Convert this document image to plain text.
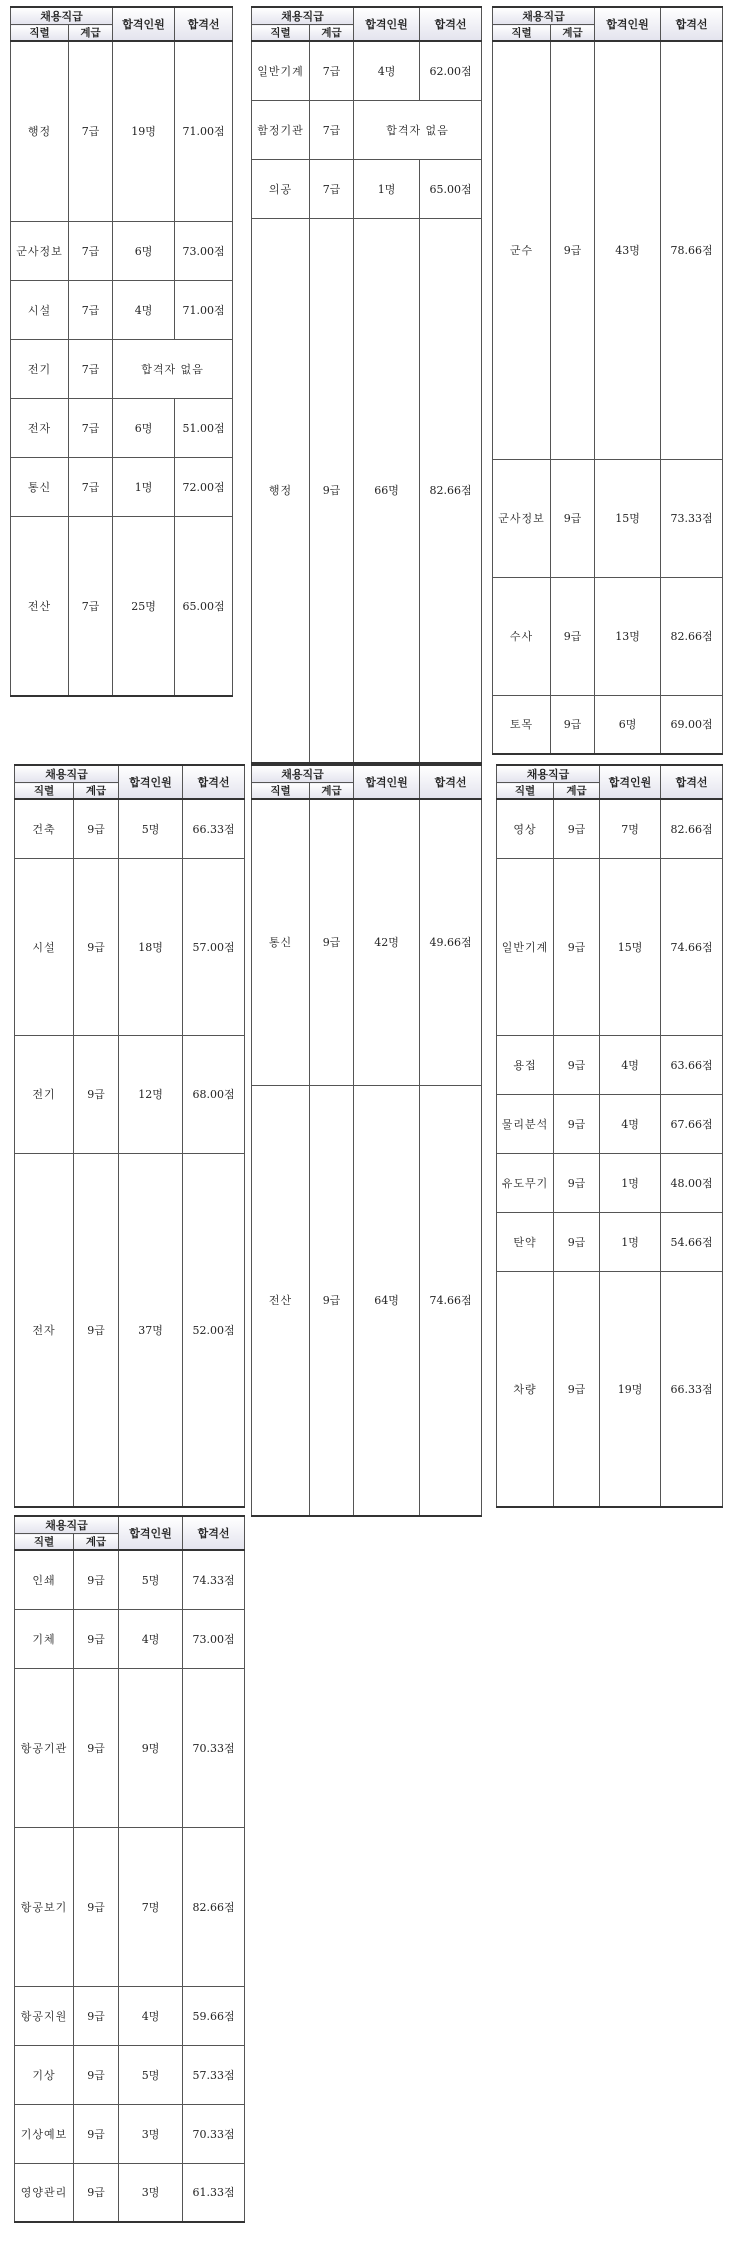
채용직급		합격인원	합격선
직렬	계급		
행정	7급	19명	71.00점
군사정보	7급	6명	73.00점
시설	7급	4명	71.00점
전기	7급	합격자 없음	
전자	7급	6명	51.00점
통신	7급	1명	72.00점
전산	7급	25명	65.00점
채용직급		합격인원	합격선
직렬	계급		
일반기계	7급	4명	62.00점
함정기관	7급	합격자 없음	
의공	7급	1명	65.00점
행정	9급	66명	82.66점
채용직급		합격인원	합격선
직렬	계급		
군수	9급	43명	78.66점
군사정보	9급	15명	73.33점
수사	9급	13명	82.66점
토목	9급	6명	69.00점
채용직급		합격인원	합격선
직렬	계급		
건축	9급	5명	66.33점
시설	9급	18명	57.00점
전기	9급	12명	68.00점
전자	9급	37명	52.00점
채용직급		합격인원	합격선
직렬	계급		
통신	9급	42명	49.66점
전산	9급	64명	74.66점
채용직급		합격인원	합격선
직렬	계급		
영상	9급	7명	82.66점
일반기계	9급	15명	74.66점
용접	9급	4명	63.66점
물리분석	9급	4명	67.66점
유도무기	9급	1명	48.00점
탄약	9급	1명	54.66점
차량	9급	19명	66.33점
채용직급		합격인원	합격선
직렬	계급		
인쇄	9급	5명	74.33점
기체	9급	4명	73.00점
항공기관	9급	9명	70.33점
항공보기	9급	7명	82.66점
항공지원	9급	4명	59.66점
기상	9급	5명	57.33점
기상예보	9급	3명	70.33점
영양관리	9급	3명	61.33점
